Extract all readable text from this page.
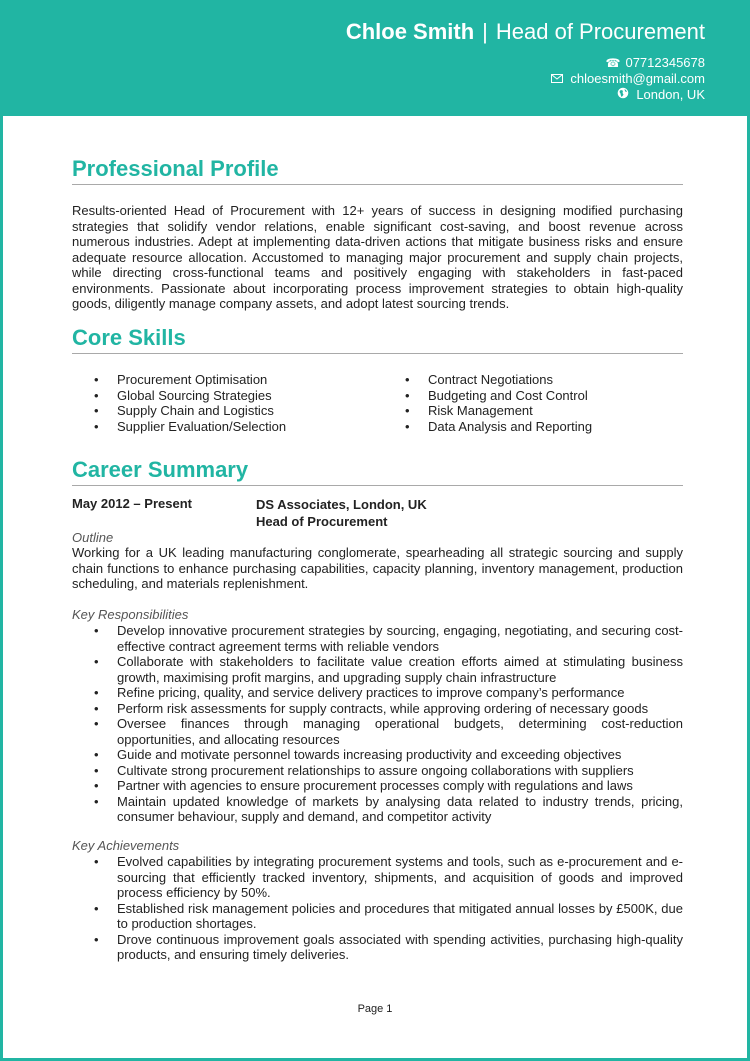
Chloe Smith | Head of Procurement
☎ 07712345678
chloesmith@gmail.com
London, UK
Professional Profile
Results-oriented Head of Procurement with 12+ years of success in designing modified purchasing strategies that solidify vendor relations, enable significant cost-saving, and boost revenue across numerous industries. Adept at implementing data-driven actions that mitigate business risks and ensure adequate resource allocation. Accustomed to managing major procurement and supply chain projects, while directing cross-functional teams and positively engaging with stakeholders in fast-paced environments. Passionate about incorporating process improvement strategies to obtain high-quality goods, diligently manage company assets, and adopt latest sourcing trends.
Core Skills
• Procurement Optimisation
• Global Sourcing Strategies
• Supply Chain and Logistics
• Supplier Evaluation/Selection
• Contract Negotiations
• Budgeting and Cost Control
• Risk Management
• Data Analysis and Reporting
Career Summary
May 2012 – Present	DS Associates, London, UK
Head of Procurement
Outline
Working for a UK leading manufacturing conglomerate, spearheading all strategic sourcing and supply chain functions to enhance purchasing capabilities, capacity planning, inventory management, production scheduling, and materials replenishment.
Key Responsibilities
• Develop innovative procurement strategies by sourcing, engaging, negotiating, and securing cost-effective contract agreement terms with reliable vendors
• Collaborate with stakeholders to facilitate value creation efforts aimed at stimulating business growth, maximising profit margins, and upgrading supply chain infrastructure
• Refine pricing, quality, and service delivery practices to improve company’s performance
• Perform risk assessments for supply contracts, while approving ordering of necessary goods
• Oversee finances through managing operational budgets, determining cost-reduction opportunities, and allocating resources
• Guide and motivate personnel towards increasing productivity and exceeding objectives
• Cultivate strong procurement relationships to assure ongoing collaborations with suppliers
• Partner with agencies to ensure procurement processes comply with regulations and laws
• Maintain updated knowledge of markets by analysing data related to industry trends, pricing, consumer behaviour, supply and demand, and competitor activity
Key Achievements
• Evolved capabilities by integrating procurement systems and tools, such as e-procurement and e-sourcing that efficiently tracked inventory, shipments, and acquisition of goods and improved process efficiency by 50%.
• Established risk management policies and procedures that mitigated annual losses by £500K, due to production shortages.
• Drove continuous improvement goals associated with spending activities, purchasing high-quality products, and ensuring timely deliveries.
Page 1
